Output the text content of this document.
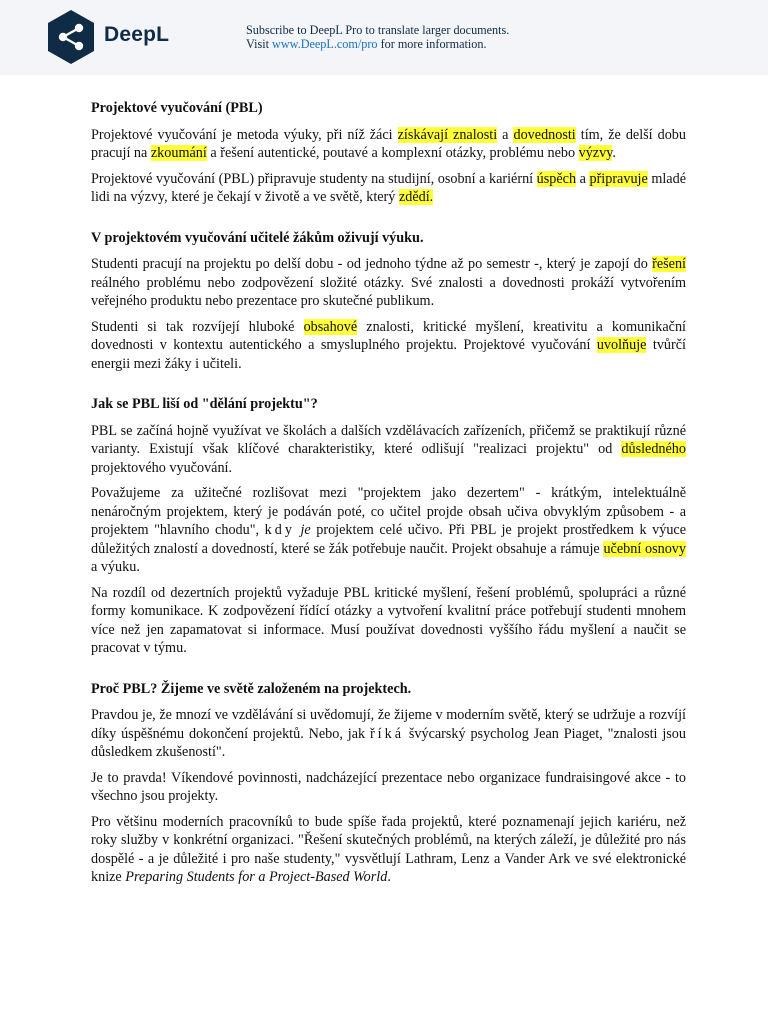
DeepL	Subscribe to DeepL Pro to translate larger documents.
Visit www.DeepL.com/pro for more information.
Projektové vyučování (PBL)

Projektové vyučování je metoda výuky, při níž žáci získávají znalosti a dovednosti tím, že delší dobu pracují na zkoumání a řešení autentické, poutavé a komplexní otázky, problému nebo výzvy.

Projektové vyučování (PBL) připravuje studenty na studijní, osobní a kariérní úspěch a připravuje mladé lidi na výzvy, které je čekají v životě a ve světě, který zdědí.

V projektovém vyučování učitelé žákům oživují výuku.

Studenti pracují na projektu po delší dobu - od jednoho týdne až po semestr -, který je zapojí do řešení reálného problému nebo zodpovězení složité otázky. Své znalosti a dovednosti prokáží vytvořením veřejného produktu nebo prezentace pro skutečné publikum.

Studenti si tak rozvíjejí hluboké obsahové znalosti, kritické myšlení, kreativitu a komunikační dovednosti v kontextu autentického a smysluplného projektu. Projektové vyučování uvolňuje tvůrčí energii mezi žáky i učiteli.

Jak se PBL liší od "dělání projektu"?

PBL se začíná hojně využívat ve školách a dalších vzdělávacích zařízeních, přičemž se praktikují různé varianty. Existují však klíčové charakteristiky, které odlišují "realizaci projektu" od důsledného projektového vyučování.

Považujeme za užitečné rozlišovat mezi "projektem jako dezertem" - krátkým, intelektuálně nenáročným projektem, který je podáván poté, co učitel projde obsah učiva obvyklým způsobem - a projektem "hlavního chodu", kdy je projektem celé učivo. Při PBL je projekt prostředkem k výuce důležitých znalostí a dovedností, které se žák potřebuje naučit. Projekt obsahuje a rámuje učební osnovy a výuku.

Na rozdíl od dezertních projektů vyžaduje PBL kritické myšlení, řešení problémů, spolupráci a různé formy komunikace. K zodpovězení řídící otázky a vytvoření kvalitní práce potřebují studenti mnohem více než jen zapamatovat si informace. Musí používat dovednosti vyššího řádu myšlení a naučit se pracovat v týmu.

Proč PBL? Žijeme ve světě založeném na projektech.

Pravdou je, že mnozí ve vzdělávání si uvědomují, že žijeme v moderním světě, který se udržuje a rozvíjí díky úspěšnému dokončení projektů. Nebo, jak říká švýcarský psycholog Jean Piaget, "znalosti jsou důsledkem zkušeností".

Je to pravda! Víkendové povinnosti, nadcházející prezentace nebo organizace fundraisingové akce - to všechno jsou projekty.

Pro většinu moderních pracovníků to bude spíše řada projektů, které poznamenají jejich kariéru, než roky služby v konkrétní organizaci. "Řešení skutečných problémů, na kterých záleží, je důležité pro nás dospělé - a je důležité i pro naše studenty," vysvětlují Lathram, Lenz a Vander Ark ve své elektronické knize Preparing Students for a Project-Based World.
